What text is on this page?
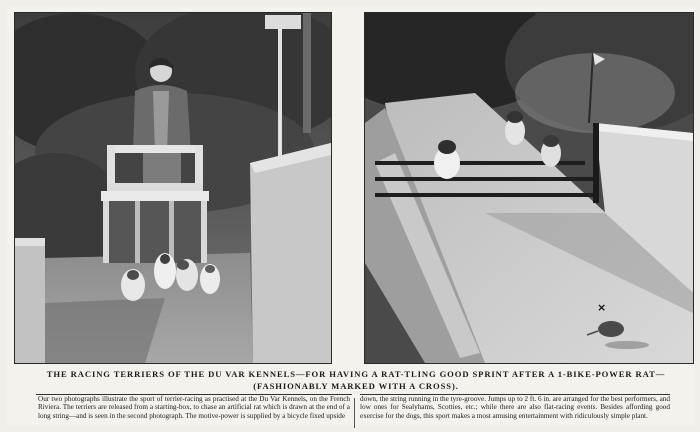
×
THE RACING TERRIERS OF THE DU VAR KENNELS—FOR HAVING A RAT-TLING GOOD SPRINT AFTER A 1-BIKE-POWER RAT—
(FASHIONABLY MARKED WITH A CROSS).
Our two photographs illustrate the sport of terrier-racing as practised at the Du Var Kennels, on the French Riviera. The terriers are released from a starting-box, to chase an artificial rat which is drawn at the end of a long string—and is seen in the second photograph. The motive-power is supplied by a bicycle fixed upside
down, the string running in the tyre-groove. Jumps up to 2 ft. 6 in. are arranged for the best performers, and low ones for Sealyhams, Scotties, etc.; while there are also flat-racing events. Besides affording good exercise for the dogs, this sport makes a most amusing entertainment with ridiculously simple plant.
